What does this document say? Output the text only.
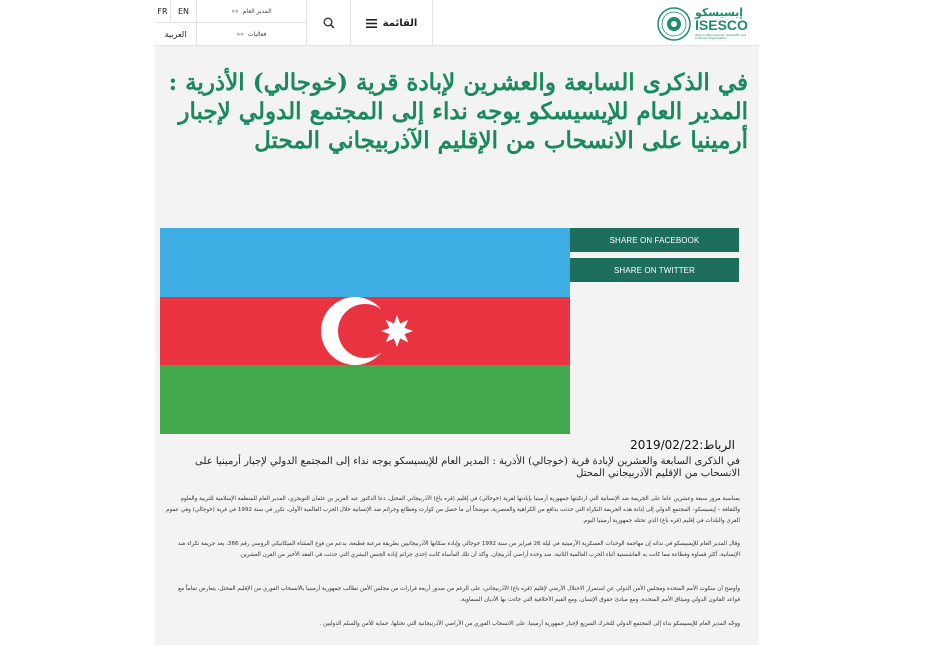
FR	EN
العربية
المدير العام
»»
فعاليات
»»
القائمة
إيسيسكو
ISESCO
Islamic Educational, Scientific and Cultural Organization
في الذكرى السابعة والعشرين لإبادة قرية (خوجالي) الأذرية : المدير العام للإيسيسكو يوجه نداء إلى المجتمع الدولي لإجبار أرمينيا على الانسحاب من الإقليم الآذربيجاني المحتل
SHARE ON FACEBOOK
SHARE ON TWITTER
الرباط:2019/02/22
في الذكرى السابعة والعشرين لإبادة قرية (خوجالي) الأذرية : المدير العام للإيسيسكو يوجه نداء إلى المجتمع الدولي لإجبار أرمينيا على الانسحاب من الإقليم الآذربيجاني المحتل

بمناسبة مرور سبعة وعشرين عاما على الجريمة ضد الإنسانية التي ارتكبتها جمهورية أرمينيا بإبادتها لقرية (خوجالي) في إقليم (قره باغ) الآذربيجاني المحتل، دعا الدكتور عبد العزيز بن عثمان التويجري، المدير العام للمنظمة الإسلامية للتربية والعلوم والثقافة – إيسيسكو– المجتمع الدولي إلى إدانة هذه الجريمة النكراء التي حدثت بدافع من الكراهية والعنصرية، موضحاً أن ما حصل من كوارث وفظائع وجرائم ضد الإنسانية خلال الحرب العالمية الأولى، تكرر في سنة 1992 في قرية (خوجالي) وفي عموم القرى والبلدات في إقليم (قره باغ) الذي تحتله جمهورية أرمينيا اليوم.

وقال المدير العام للإيسيسكو في ندائه إن مهاجمة الوحدات العسكرية الأرمينية في ليلة 26 فبراير من سنة 1992 خوجالي وإبادة سكانها الآذربيجانيين بطريقة مرعبة فظيعة، بدعم من فوج المشاة الميكانيكي الروسي رقم 366، يعد جريمة نكراء ضد الإنسانية، أكثر قساوة وفظاعة مما كانت به الفاشستية أثناء الحرب العالمية الثانية، ضد وحدة أراضي آذربيجان. وأكد أن تلك المأساة كانت إحدى جرائم إبادة الجنس البشري التي حدثت في العقد الأخير من القرن العشرين.

وأوضح أن سكوت الأمم المتحدة ومجلس الأمن الدولي عن استمرار الاحتلال الأرمني لإقليم (قره باغ) الآذربيجاني، على الرغم من صدور أربعة قرارات من مجلس الأمن تطالب جمهورية أرمينيا بالانسحاب الفوري من الإقليم المحتل، يتعارض تماماً مع قواعد القانون الدولي وميثاق الأمم المتحدة، ومع مبادئ حقوق الإنسان، ومع القيم الأخلاقية التي جاءت بها الأديان السماوية.

ووجّه المدير العام للإيسيسكو نداء إلى المجتمع الدولي للتحرك السريع لإجبار جمهورية أرمينيا، على الانسحاب الفوري من الأراضي الآذربيجانية التي تحتلها، حماية للأمن والسلم الدوليين .
